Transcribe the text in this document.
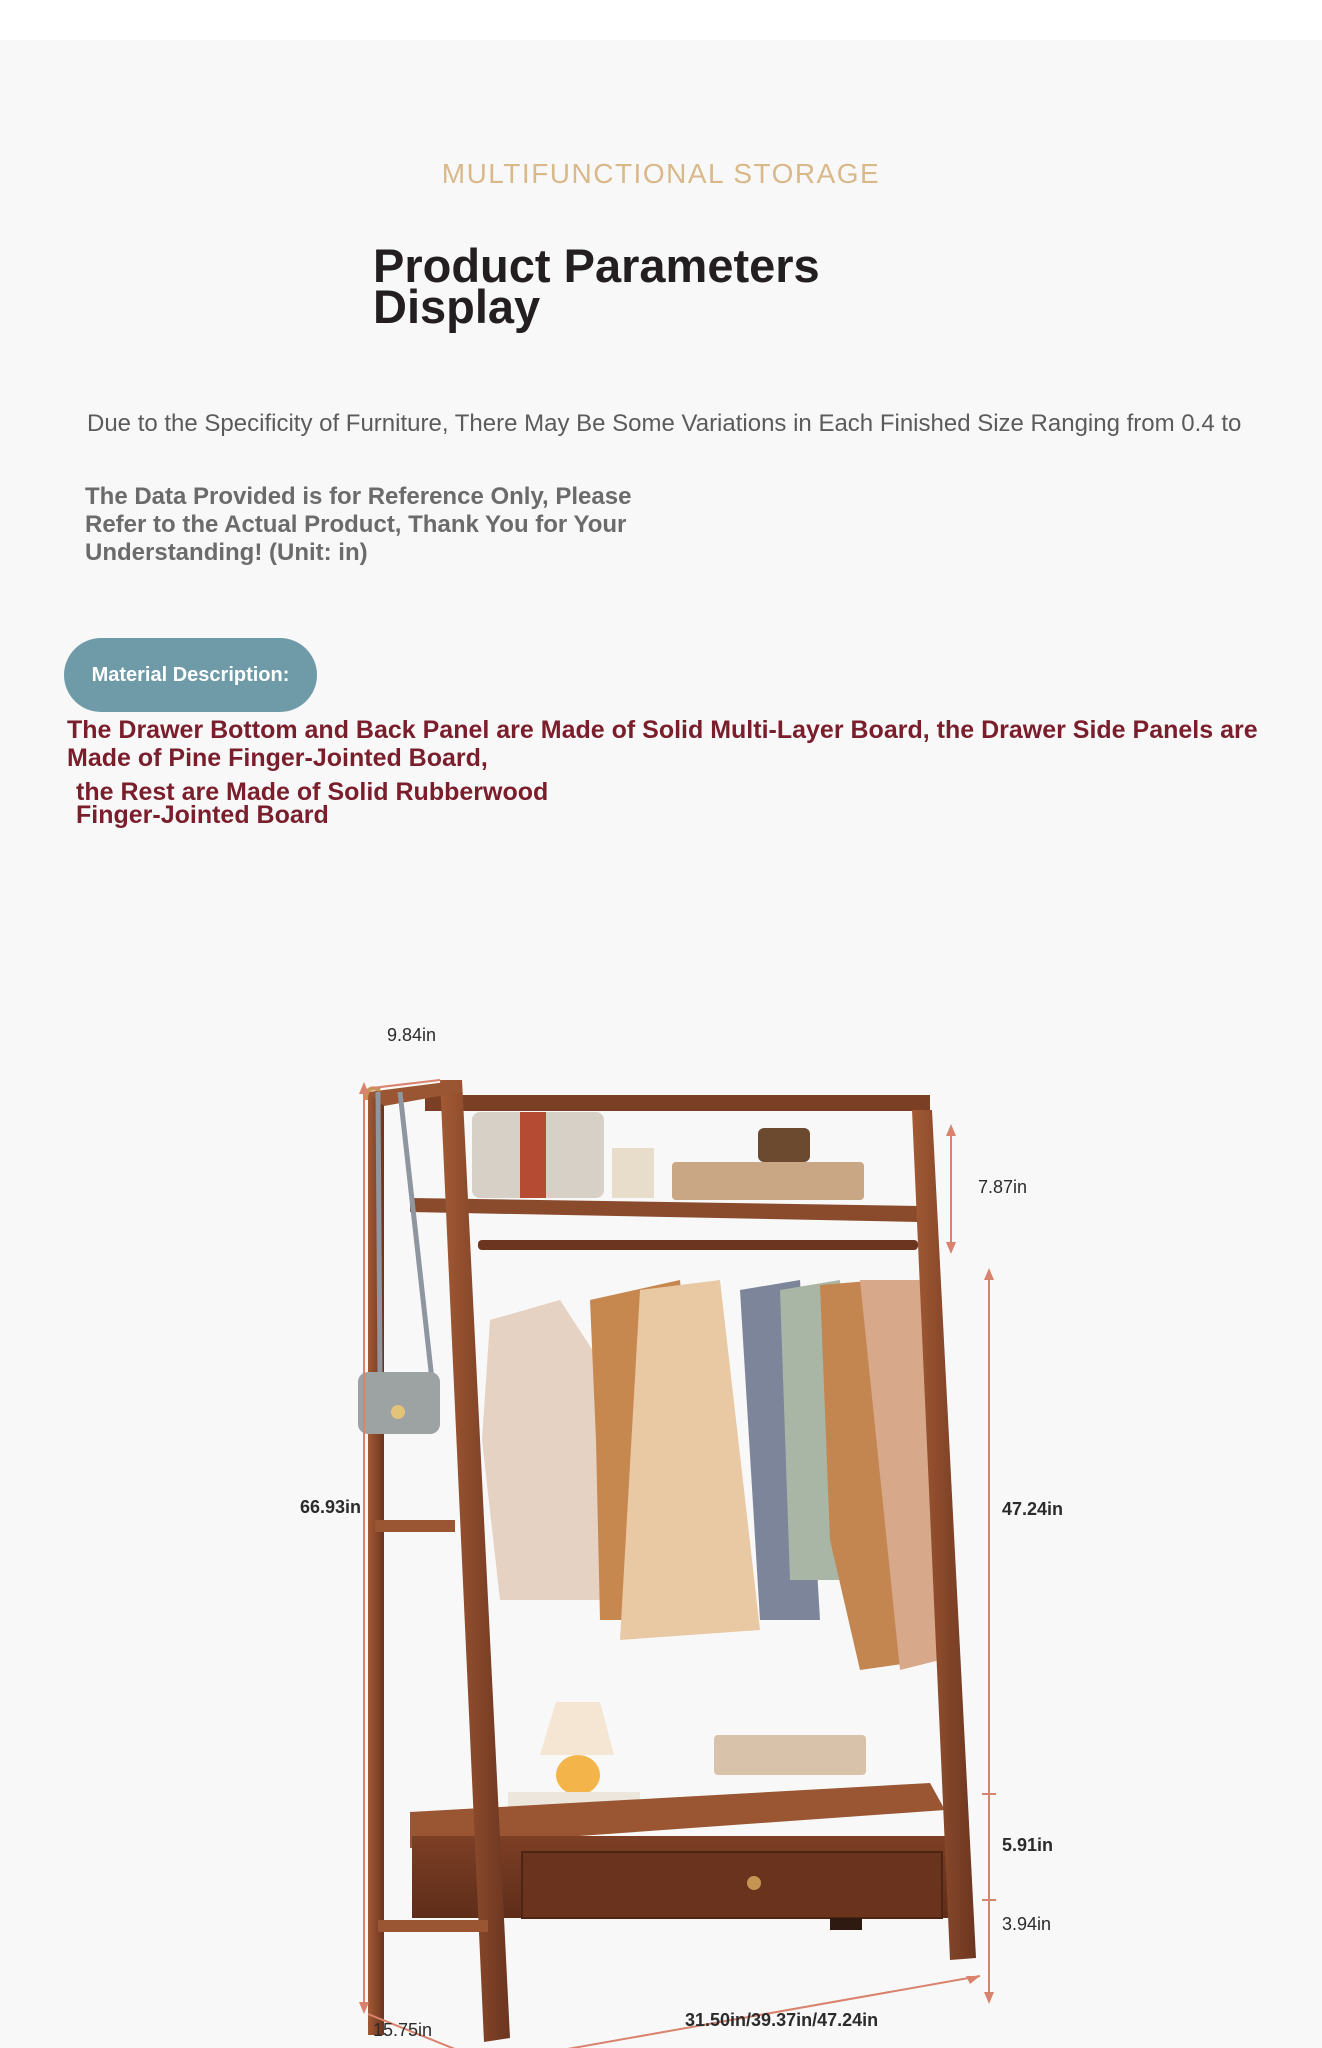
MULTIFUNCTIONAL STORAGE
Product Parameters Display
Due to the Specificity of Furniture, There May Be Some Variations in Each Finished Size Ranging from 0.4 to
The Data Provided is for Reference Only, Please Refer to the Actual Product, Thank You for Your Understanding! (Unit: in)
Material Description:
The Drawer Bottom and Back Panel are Made of Solid Multi-Layer Board, the Drawer Side Panels are Made of Pine Finger-Jointed Board,
the Rest are Made of Solid Rubberwood Finger-Jointed Board
9.84in
7.87in
66.93in	47.24in
5.91in
3.94in
15.75in	31.50in/39.37in/47.24in
